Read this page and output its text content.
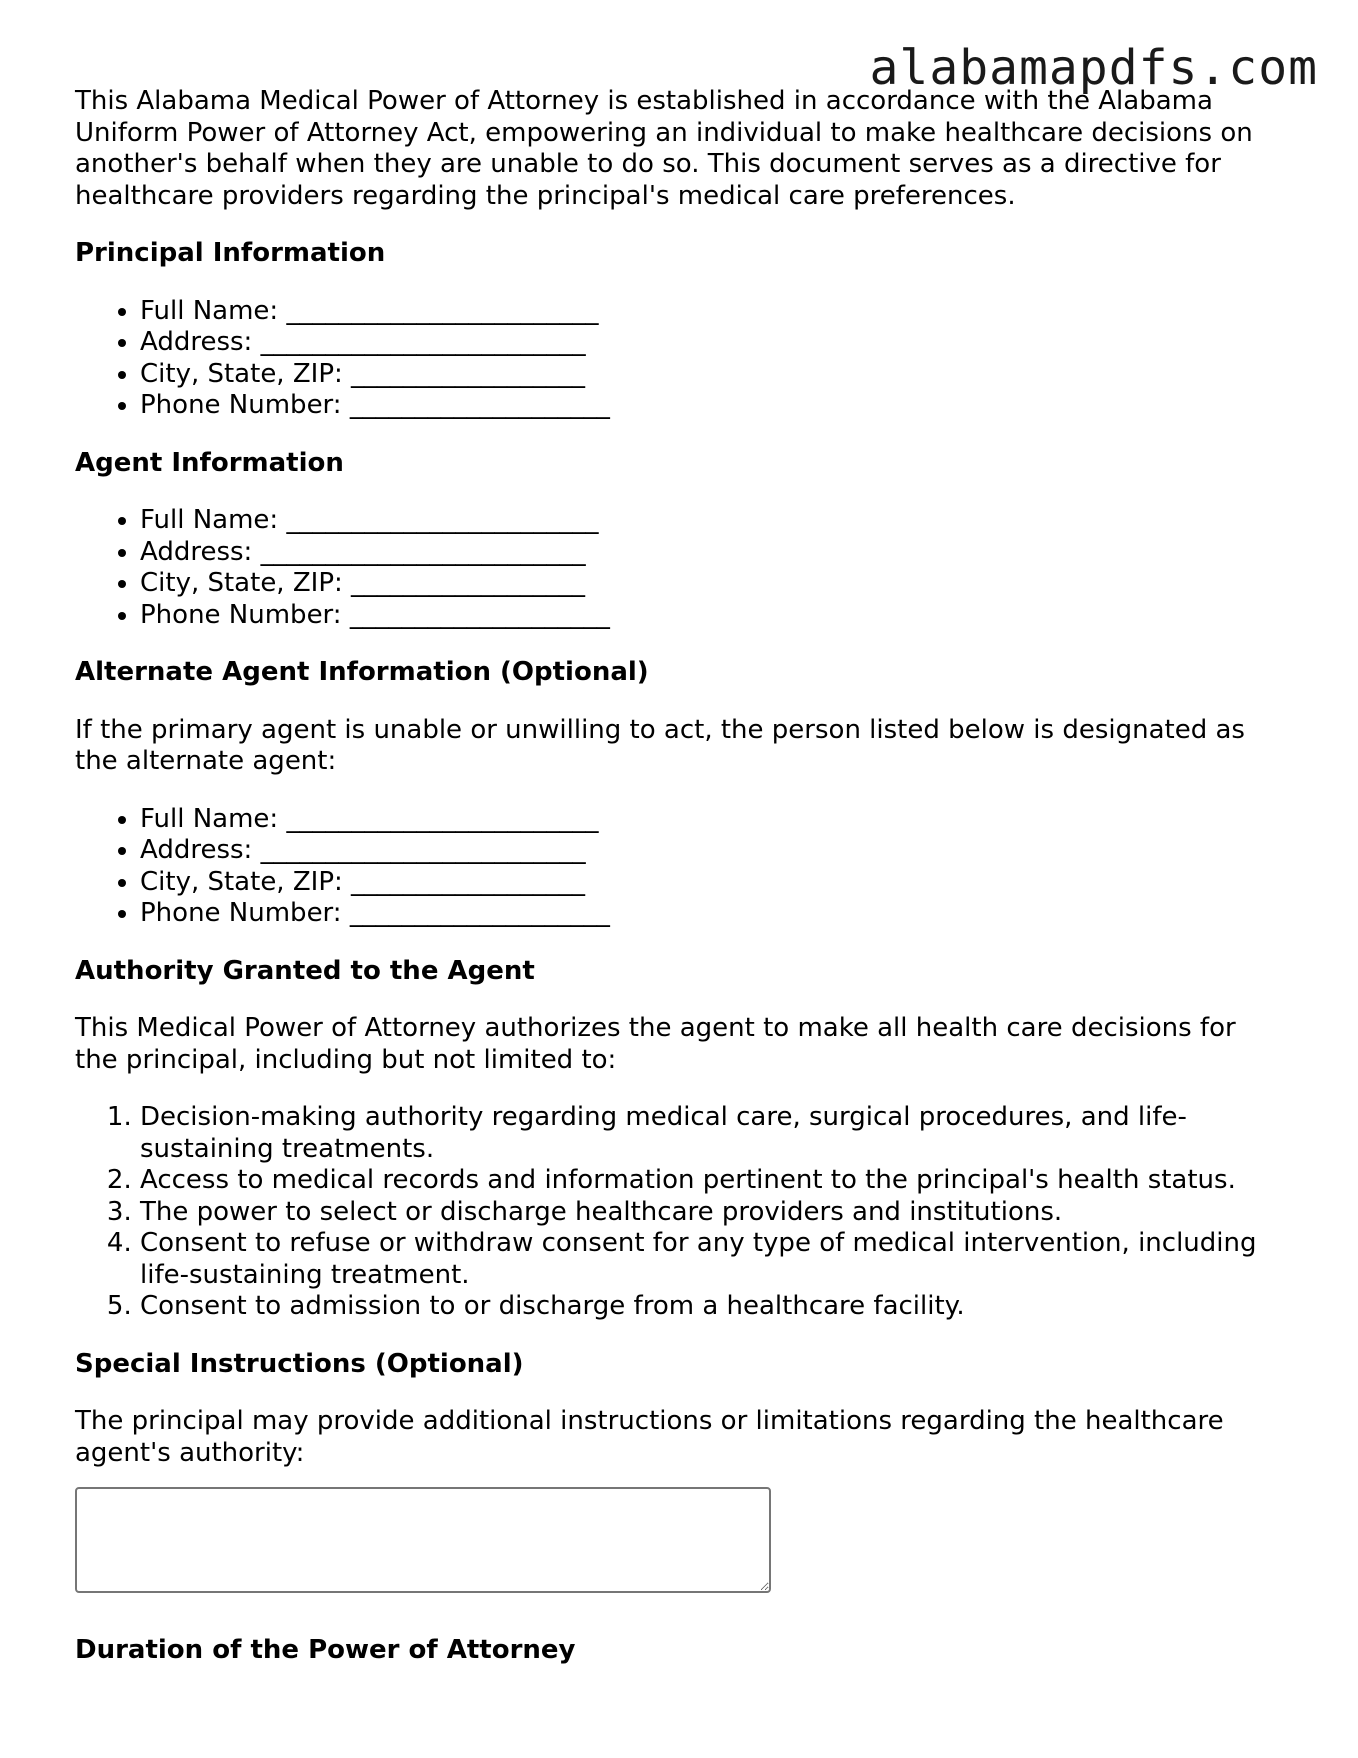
alabamapdfs.com

This Alabama Medical Power of Attorney is established in accordance with the Alabama Uniform Power of Attorney Act, empowering an individual to make healthcare decisions on another's behalf when they are unable to do so. This document serves as a directive for healthcare providers regarding the principal's medical care preferences.

Principal Information
• Full Name: ________________________
• Address: _________________________
• City, State, ZIP: __________________
• Phone Number: ____________________
Agent Information
• Full Name: ________________________
• Address: _________________________
• City, State, ZIP: __________________
• Phone Number: ____________________
Alternate Agent Information (Optional)

If the primary agent is unable or unwilling to act, the person listed below is designated as the alternate agent:

• Full Name: ________________________
• Address: _________________________
• City, State, ZIP: __________________
• Phone Number: ____________________
Authority Granted to the Agent

This Medical Power of Attorney authorizes the agent to make all health care decisions for the principal, including but not limited to:

1. Decision-making authority regarding medical care, surgical procedures, and life-sustaining treatments.
2. Access to medical records and information pertinent to the principal's health status.
3. The power to select or discharge healthcare providers and institutions.
4. Consent to refuse or withdraw consent for any type of medical intervention, including life-sustaining treatment.
5. Consent to admission to or discharge from a healthcare facility.
Special Instructions (Optional)

The principal may provide additional instructions or limitations regarding the healthcare agent's authority:

Duration of the Power of Attorney
